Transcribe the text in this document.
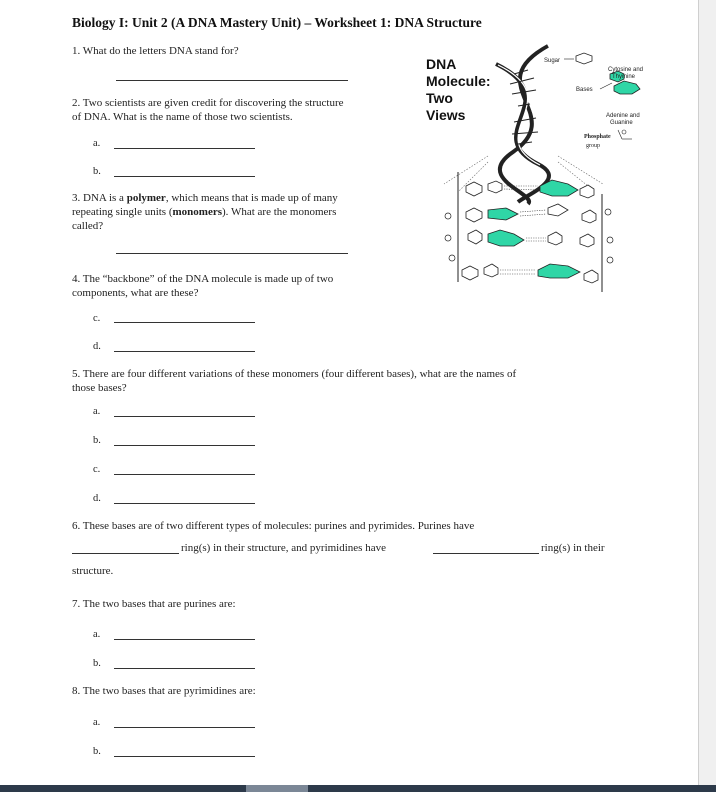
Biology I: Unit 2 (A DNA Mastery Unit) – Worksheet 1: DNA Structure
1. What do the letters DNA stand for?
2. Two scientists are given credit for discovering the structure
of DNA. What is the name of those two scientists.
a.
b.
3. DNA is a polymer, which means that is made up of many
repeating single units (monomers). What are the monomers
called?
4. The “backbone” of the DNA molecule is made up of two
components, what are these?
c.
d.
5. There are four different variations of these monomers (four different bases), what are the names of
those bases?
a.
b.
c.
d.
6. These bases are of two different types of molecules: purines and pyrimides. Purines have
ring(s) in their structure, and pyrimidines have	ring(s) in their
structure.
7. The two bases that are purines are:
a.
b.
8. The two bases that are pyrimidines are:
a.
b.
DNA
Molecule:
Two
Views
Sugar
Bases
Cytosine and
Thymine
Adenine and
Guanine
Phosphate
group
